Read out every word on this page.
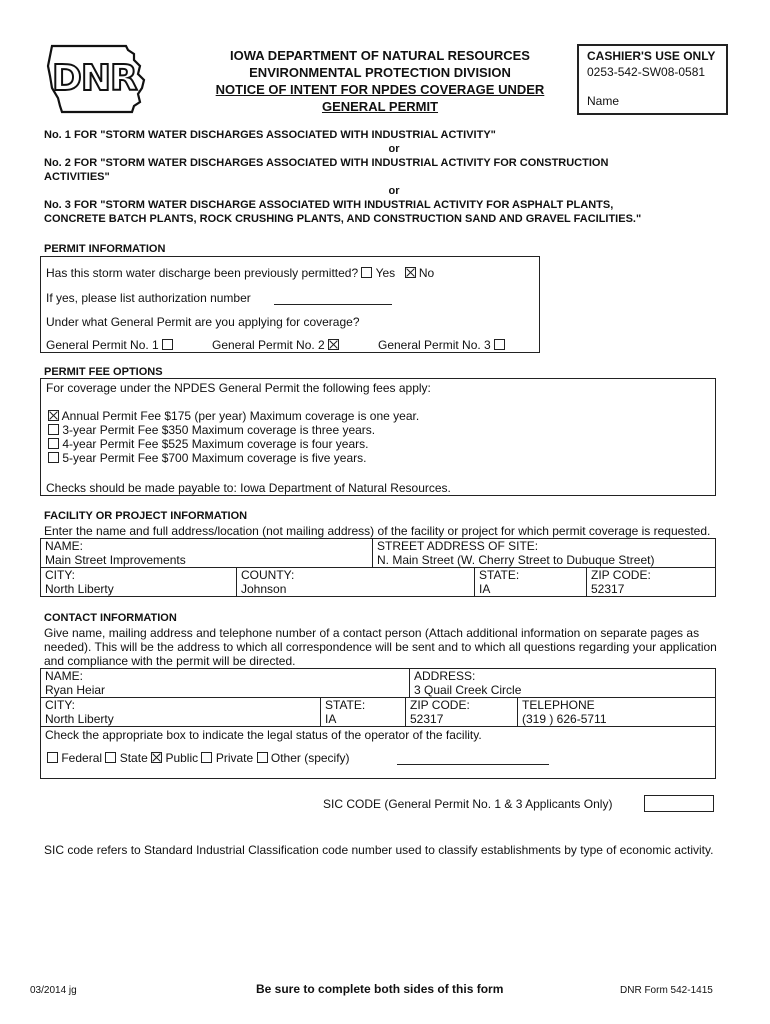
DNR
IOWA DEPARTMENT OF NATURAL RESOURCES
ENVIRONMENTAL PROTECTION DIVISION
NOTICE OF INTENT FOR NPDES COVERAGE UNDER
GENERAL PERMIT
CASHIER'S USE ONLY
0253-542-SW08-0581
Name
No. 1 FOR "STORM WATER DISCHARGES ASSOCIATED WITH INDUSTRIAL ACTIVITY"
or
No. 2 FOR "STORM WATER DISCHARGES ASSOCIATED WITH INDUSTRIAL ACTIVITY FOR CONSTRUCTION
ACTIVITIES"
or
No. 3 FOR "STORM WATER DISCHARGE ASSOCIATED WITH INDUSTRIAL ACTIVITY FOR ASPHALT PLANTS,
CONCRETE BATCH PLANTS, ROCK CRUSHING PLANTS, AND CONSTRUCTION SAND AND GRAVEL FACILITIES."
PERMIT INFORMATION
Has this storm water discharge been previously permitted? Yes No
If yes, please list authorization number
Under what General Permit are you applying for coverage?
General Permit No. 1	General Permit No. 2	General Permit No. 3
PERMIT FEE OPTIONS
For coverage under the NPDES General Permit the following fees apply:
Annual Permit Fee $175 (per year) Maximum coverage is one year.
3-year Permit Fee $350 Maximum coverage is three years.
4-year Permit Fee $525 Maximum coverage is four years.
5-year Permit Fee $700 Maximum coverage is five years.
Checks should be made payable to: Iowa Department of Natural Resources.
FACILITY OR PROJECT INFORMATION
Enter the name and full address/location (not mailing address) of the facility or project for which permit coverage is requested.
NAME:
Main Street Improvements
STREET ADDRESS OF SITE:
N. Main Street (W. Cherry Street to Dubuque Street)
CITY:
North Liberty
COUNTY:
Johnson
STATE:
IA
ZIP CODE:
52317
CONTACT INFORMATION
Give name, mailing address and telephone number of a contact person (Attach additional information on separate pages as
needed). This will be the address to which all correspondence will be sent and to which all questions regarding your application
and compliance with the permit will be directed.
NAME:
Ryan Heiar
ADDRESS:
3 Quail Creek Circle
CITY:
North Liberty
STATE:
IA
ZIP CODE:
52317
TELEPHONE
(319 ) 626-5711
Check the appropriate box to indicate the legal status of the operator of the facility.
Federal State Public Private Other (specify)
SIC CODE (General Permit No. 1 & 3 Applicants Only)
SIC code refers to Standard Industrial Classification code number used to classify establishments by type of economic activity.
03/2014 jg	Be sure to complete both sides of this form	DNR Form 542-1415
